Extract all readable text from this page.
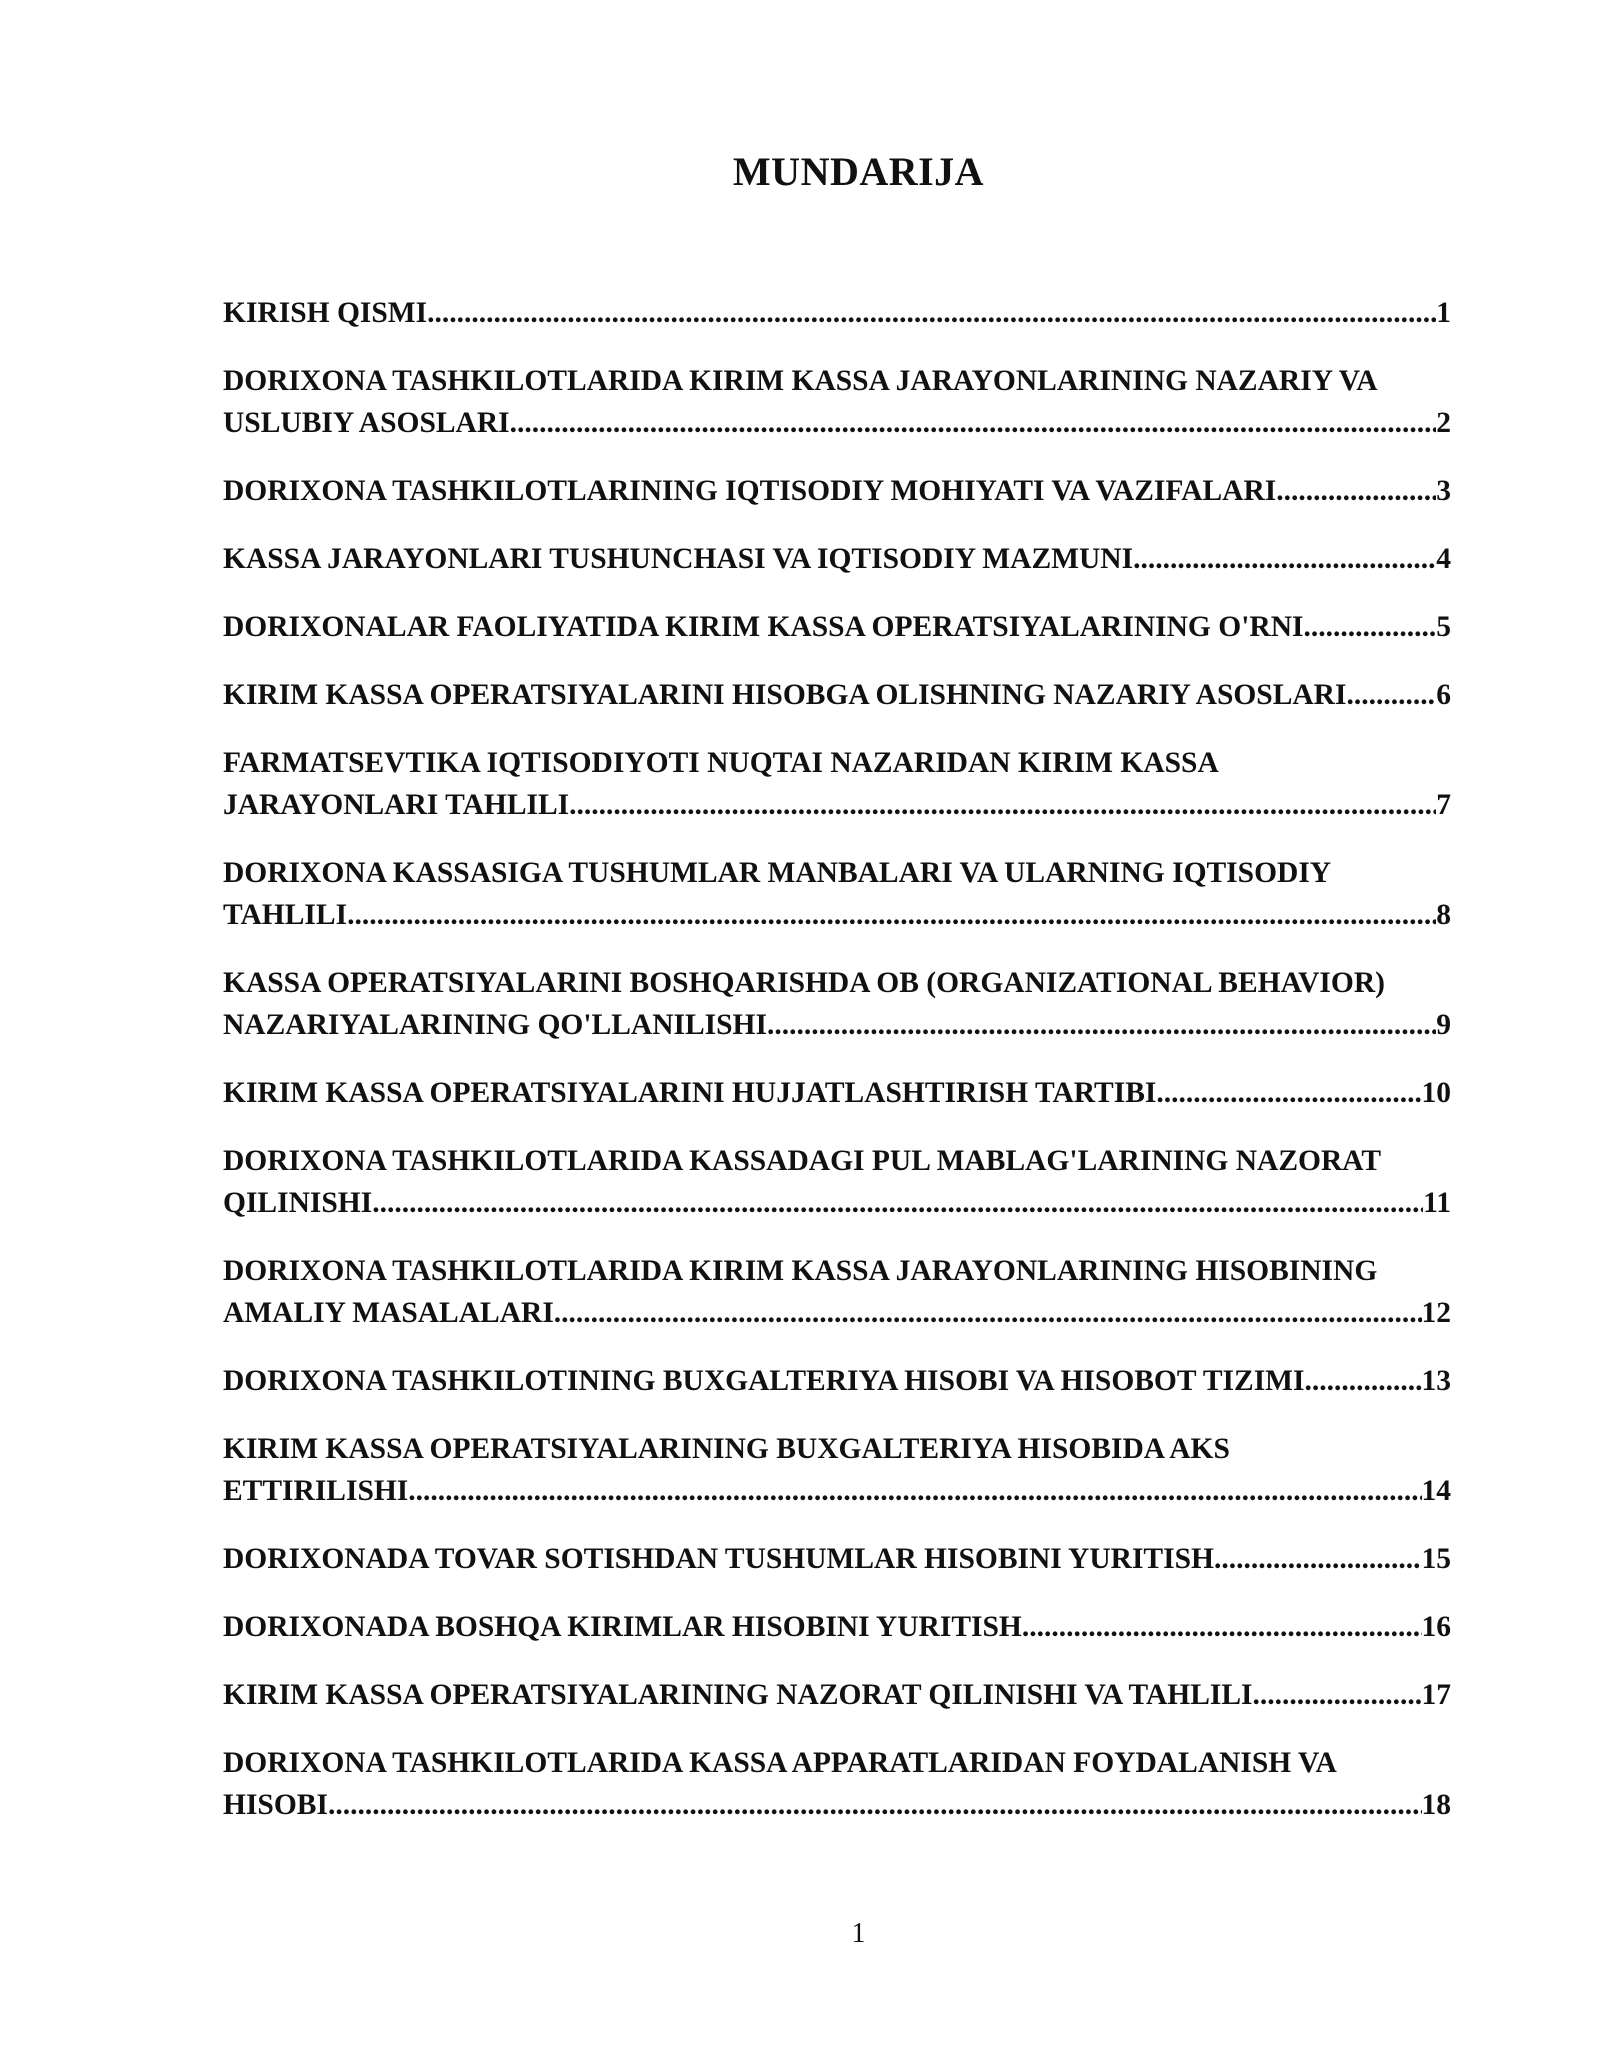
MUNDARIJA
KIRISH QISMI .....	1
DORIXONA TASHKILOTLARIDA KIRIM KASSA JARAYONLARINING NAZARIY VA
USLUBIY ASOSLARI .....	2
DORIXONA TASHKILOTLARINING IQTISODIY MOHIYATI VA VAZIFALARI .....	3
KASSA JARAYONLARI TUSHUNCHASI VA IQTISODIY MAZMUNI .....	4
DORIXONALAR FAOLIYATIDA KIRIM KASSA OPERATSIYALARINING O'RNI .....	5
KIRIM KASSA OPERATSIYALARINI HISOBGA OLISHNING NAZARIY ASOSLARI .....	6
FARMATSEVTIKA IQTISODIYOTI NUQTAI NAZARIDAN KIRIM KASSA
JARAYONLARI TAHLILI .....	7
DORIXONA KASSASIGA TUSHUMLAR MANBALARI VA ULARNING IQTISODIY
TAHLILI .....	8
KASSA OPERATSIYALARINI BOSHQARISHDA OB (ORGANIZATIONAL BEHAVIOR)
NAZARIYALARINING QO'LLANILISHI .....	9
KIRIM KASSA OPERATSIYALARINI HUJJATLASHTIRISH TARTIBI .....	10
DORIXONA TASHKILOTLARIDA KASSADAGI PUL MABLAG'LARINING NAZORAT
QILINISHI .....	11
DORIXONA TASHKILOTLARIDA KIRIM KASSA JARAYONLARINING HISOBINING
AMALIY MASALALARI .....	12
DORIXONA TASHKILOTINING BUXGALTERIYA HISOBI VA HISOBOT TIZIMI. .....	13
KIRIM KASSA OPERATSIYALARINING BUXGALTERIYA HISOBIDA AKS
ETTIRILISHI .....	14
DORIXONADA TOVAR SOTISHDAN TUSHUMLAR HISOBINI YURITISH .....	15
DORIXONADA BOSHQA KIRIMLAR HISOBINI YURITISH .....	16
KIRIM KASSA OPERATSIYALARINING NAZORAT QILINISHI VA TAHLILI .....	17
DORIXONA TASHKILOTLARIDA KASSA APPARATLARIDAN FOYDALANISH VA
HISOBI .....	18
1
